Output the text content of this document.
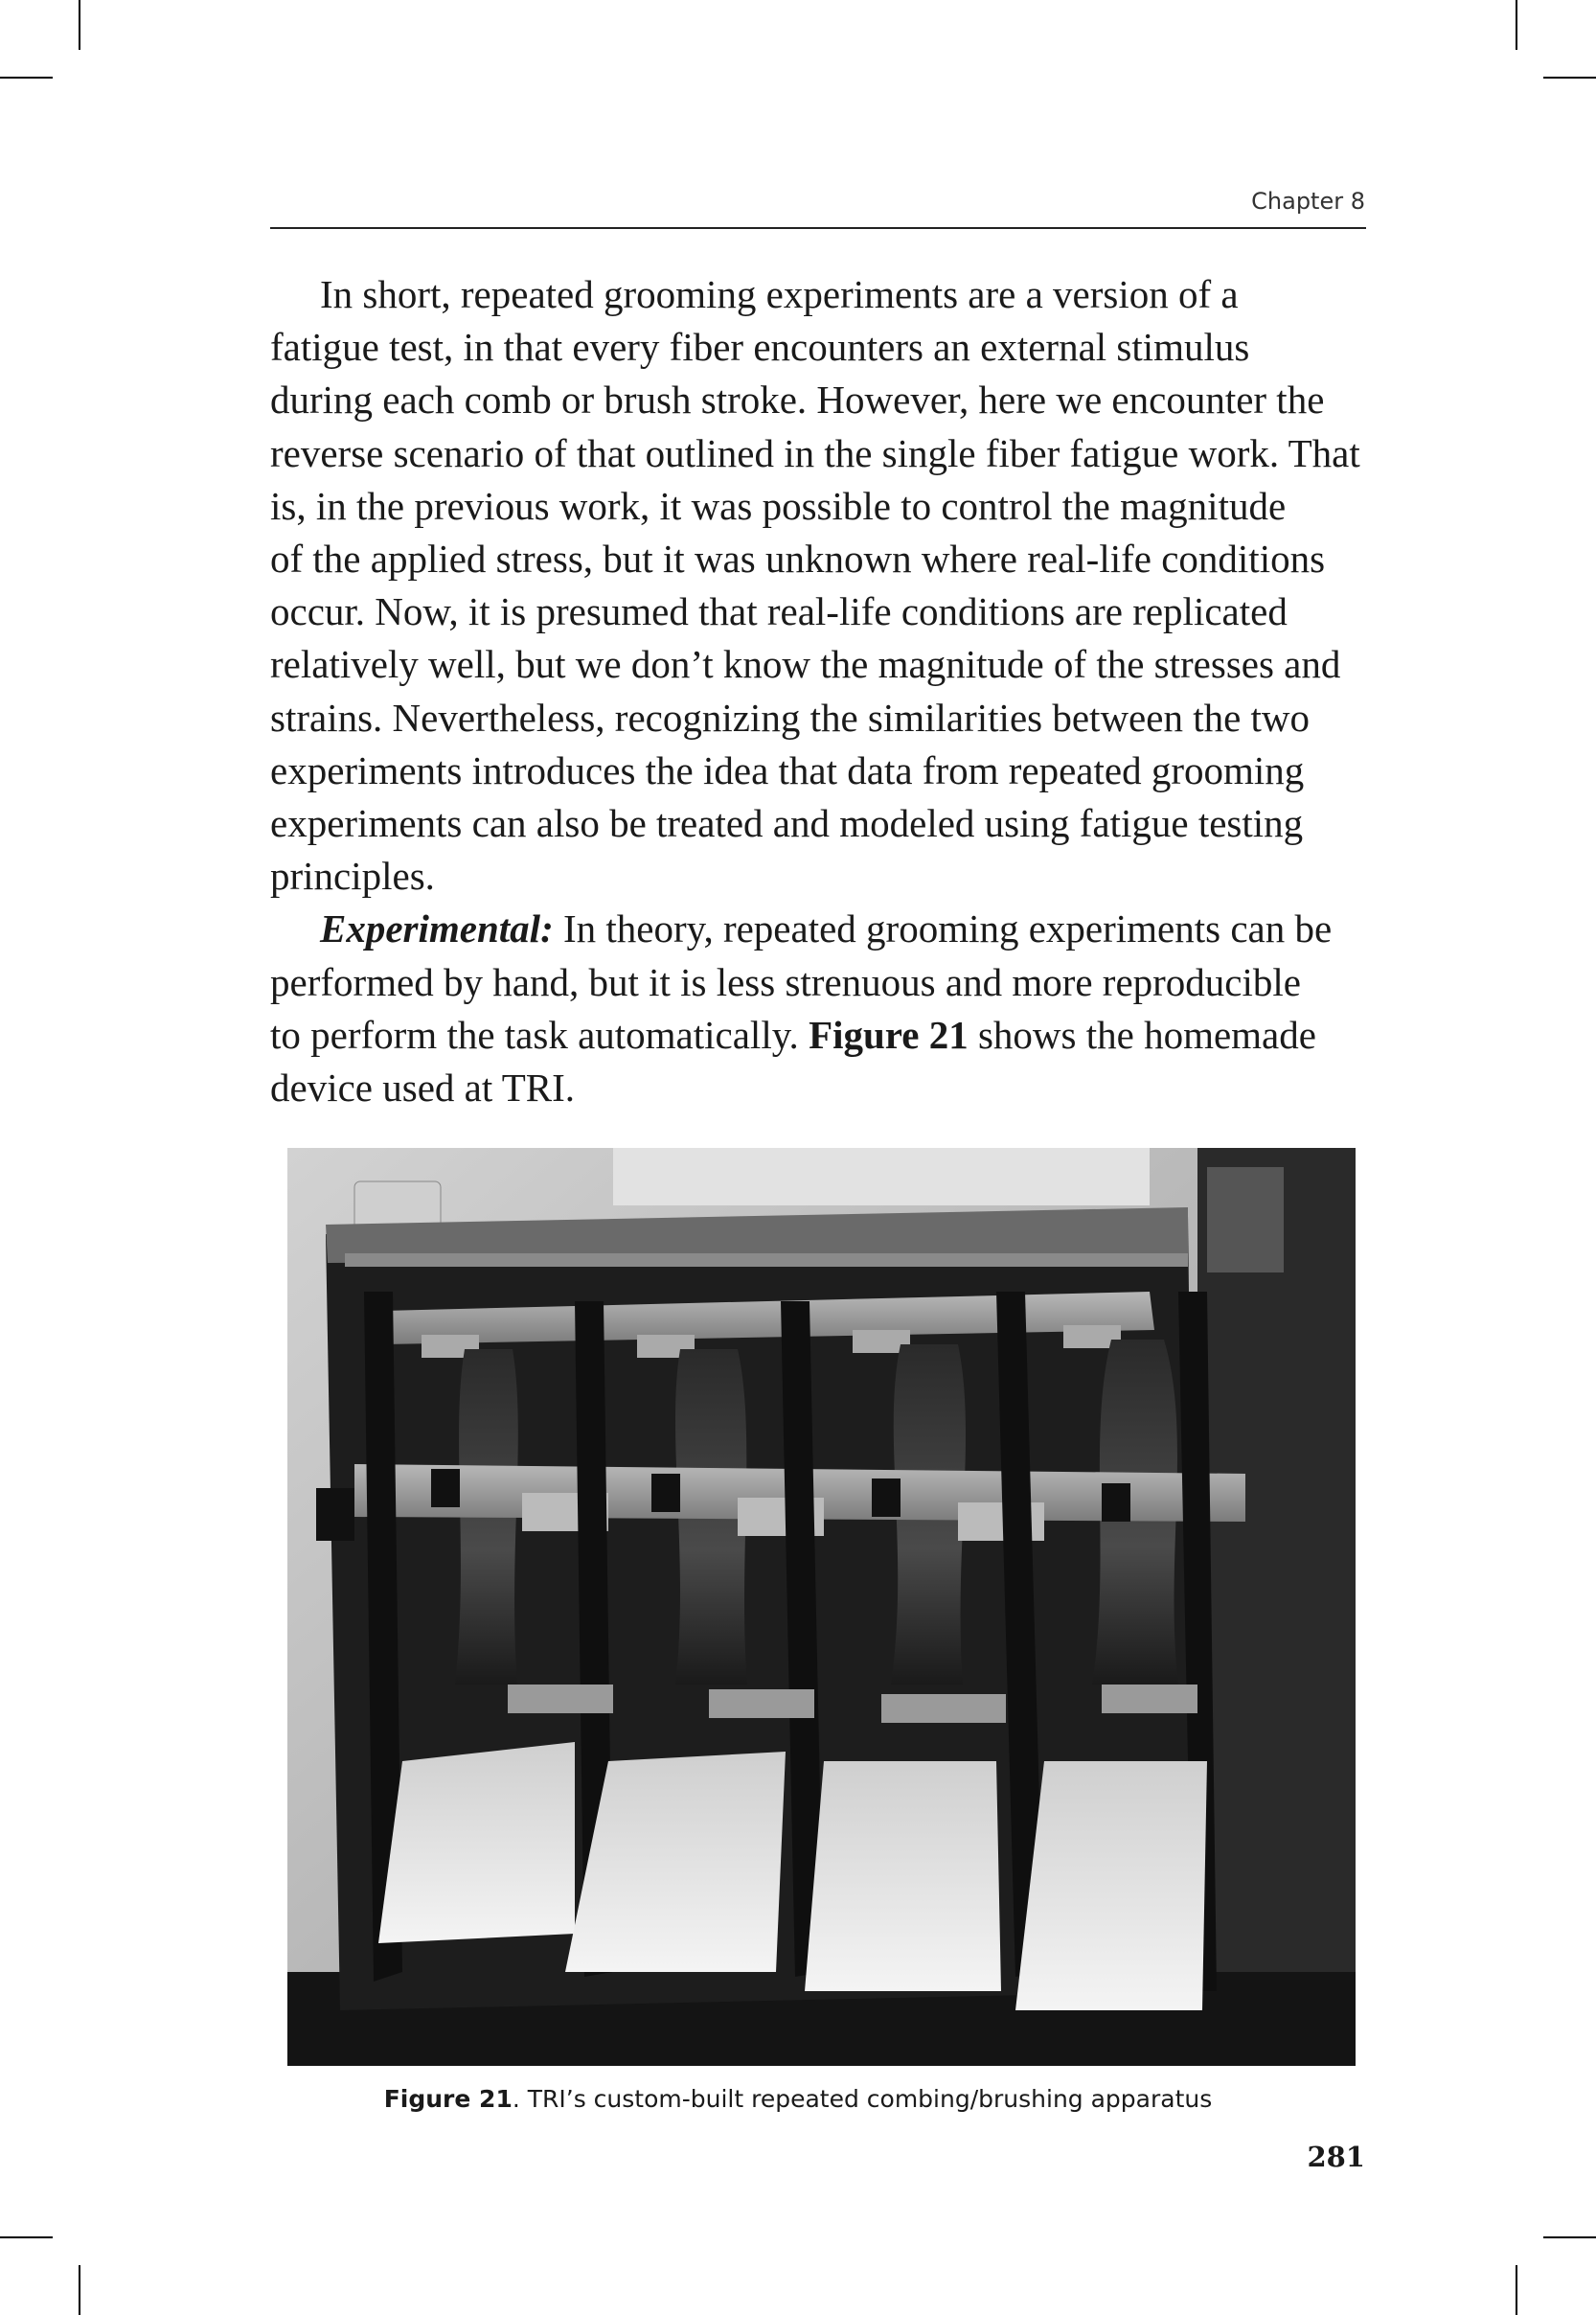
Chapter 8
In short, repeated grooming experiments are a version of a
fatigue test, in that every fiber encounters an external stimulus
during each comb or brush stroke. However, here we encounter the
reverse scenario of that outlined in the single fiber fatigue work. That
is, in the previous work, it was possible to control the magnitude
of the applied stress, but it was unknown where real-life conditions
occur. Now, it is presumed that real-life conditions are replicated
relatively well, but we don’t know the magnitude of the stresses and
strains. Nevertheless, recognizing the similarities between the two
experiments introduces the idea that data from repeated grooming
experiments can also be treated and modeled using fatigue testing
principles.
Experimental: In theory, repeated grooming experiments can be
performed by hand, but it is less strenuous and more reproducible
to perform the task automatically. Figure 21 shows the homemade
device used at TRI.
Figure 21. TRI’s custom-built repeated combing/brushing apparatus
281
